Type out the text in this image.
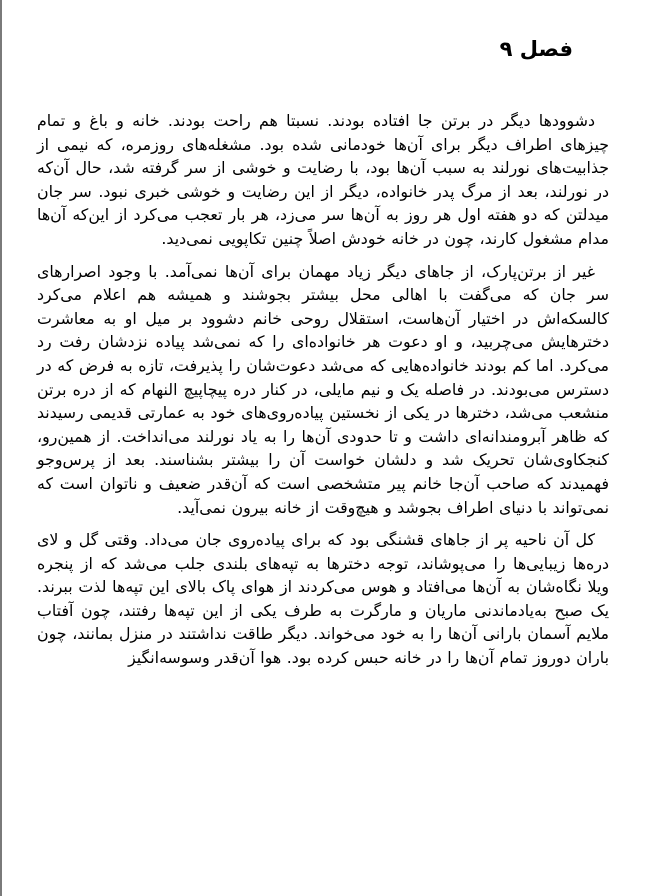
فصل ۹

دشوودها دیگر در برتن جا افتاده بودند. نسبتا هم راحت بودند. خانه و باغ و تمام چیزهای اطراف دیگر برای آن‌ها خودمانی شده بود. مشغله‌های روزمره، که نیمی از جذابیت‌های نورلند به سبب آن‌ها بود، با رضایت و خوشی از سر گرفته شد، حال آن‌که در نورلند، بعد از مرگ پدر خانواده، دیگر از این رضایت و خوشی خبری نبود. سر جان میدلتن که دو هفته اول هر روز به آن‌ها سر می‌زد، هر بار تعجب می‌کرد از این‌که آن‌ها مدام مشغول کارند، چون در خانه خودش اصلاً چنین تکاپویی نمی‌دید.

غیر از برتن‌پارک، از جاهای دیگر زیاد مهمان برای آن‌ها نمی‌آمد. با وجود اصرارهای سر جان که می‌گفت با اهالی محل بیشتر بجوشند و همیشه هم اعلام می‌کرد کالسکه‌اش در اختیار آن‌هاست، استقلال روحی خانم دشوود بر میل او به معاشرت دخترهایش می‌چربید، و او دعوت هر خانواده‌ای را که نمی‌شد پیاده نزدشان رفت رد می‌کرد. اما کم بودند خانواده‌هایی که می‌شد دعوت‌شان را پذیرفت، تازه به فرض که در دسترس می‌بودند. در فاصله یک و نیم مایلی، در کنار دره پیچاپیچ النهام که از دره برتن منشعب می‌شد، دخترها در یکی از نخستین پیاده‌روی‌های خود به عمارتی قدیمی رسیدند که ظاهر آبرومندانه‌ای داشت و تا حدودی آن‌ها را به یاد نورلند می‌انداخت. از همین‌رو، کنجکاوی‌شان تحریک شد و دلشان خواست آن را بیشتر بشناسند. بعد از پرس‌وجو فهمیدند که صاحب آن‌جا خانم پیر متشخصی است که آن‌قدر ضعیف و ناتوان است که نمی‌تواند با دنیای اطراف بجوشد و هیچ‌وقت از خانه بیرون نمی‌آید.

کل آن ناحیه پر از جاهای قشنگی بود که برای پیاده‌روی جان می‌داد. وقتی گل و لای دره‌ها زیبایی‌ها را می‌پوشاند، توجه دخترها به تپه‌های بلندی جلب می‌شد که از پنجره ویلا نگاه‌شان به آن‌ها می‌افتاد و هوس می‌کردند از هوای پاک بالای این تپه‌ها لذت ببرند. یک صبح به‌یادماندنی ماریان و مارگرت به طرف یکی از این تپه‌ها رفتند، چون آفتاب ملایم آسمان بارانی آن‌ها را به خود می‌خواند. دیگر طاقت نداشتند در منزل بمانند، چون باران دوروز تمام آن‌ها را در خانه حبس کرده بود. هوا آن‌قدر وسوسه‌انگیز
